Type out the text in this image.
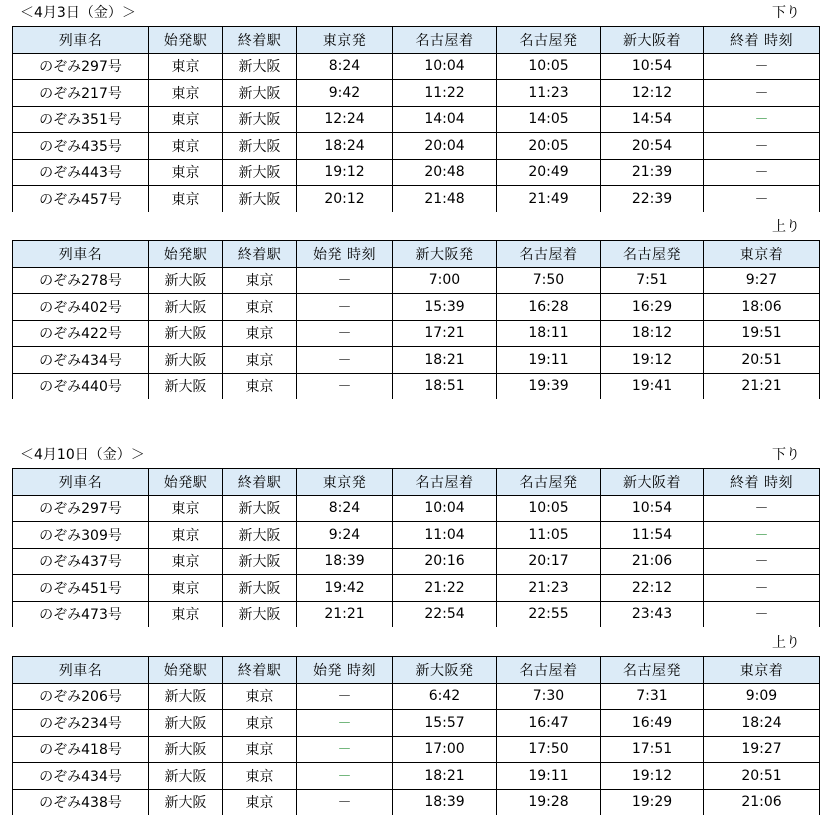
＜4月3日（金）＞	下り
列車名	始発駅	終着駅	東京発	名古屋着	名古屋発	新大阪着	終着 時刻
のぞみ297号	東京	新大阪	8:24	10:04	10:05	10:54	－
のぞみ217号	東京	新大阪	9:42	11:22	11:23	12:12	－
のぞみ351号	東京	新大阪	12:24	14:04	14:05	14:54	－
のぞみ435号	東京	新大阪	18:24	20:04	20:05	20:54	－
のぞみ443号	東京	新大阪	19:12	20:48	20:49	21:39	－
のぞみ457号	東京	新大阪	20:12	21:48	21:49	22:39	－
上り
列車名	始発駅	終着駅	始発 時刻	新大阪発	名古屋着	名古屋発	東京着
のぞみ278号	新大阪	東京	－	7:00	7:50	7:51	9:27
のぞみ402号	新大阪	東京	－	15:39	16:28	16:29	18:06
のぞみ422号	新大阪	東京	－	17:21	18:11	18:12	19:51
のぞみ434号	新大阪	東京	－	18:21	19:11	19:12	20:51
のぞみ440号	新大阪	東京	－	18:51	19:39	19:41	21:21
＜4月10日（金）＞	下り
列車名	始発駅	終着駅	東京発	名古屋着	名古屋発	新大阪着	終着 時刻
のぞみ297号	東京	新大阪	8:24	10:04	10:05	10:54	－
のぞみ309号	東京	新大阪	9:24	11:04	11:05	11:54	－
のぞみ437号	東京	新大阪	18:39	20:16	20:17	21:06	－
のぞみ451号	東京	新大阪	19:42	21:22	21:23	22:12	－
のぞみ473号	東京	新大阪	21:21	22:54	22:55	23:43	－
上り
列車名	始発駅	終着駅	始発 時刻	新大阪発	名古屋着	名古屋発	東京着
のぞみ206号	新大阪	東京	－	6:42	7:30	7:31	9:09
のぞみ234号	新大阪	東京	－	15:57	16:47	16:49	18:24
のぞみ418号	新大阪	東京	－	17:00	17:50	17:51	19:27
のぞみ434号	新大阪	東京	－	18:21	19:11	19:12	20:51
のぞみ438号	新大阪	東京	－	18:39	19:28	19:29	21:06
